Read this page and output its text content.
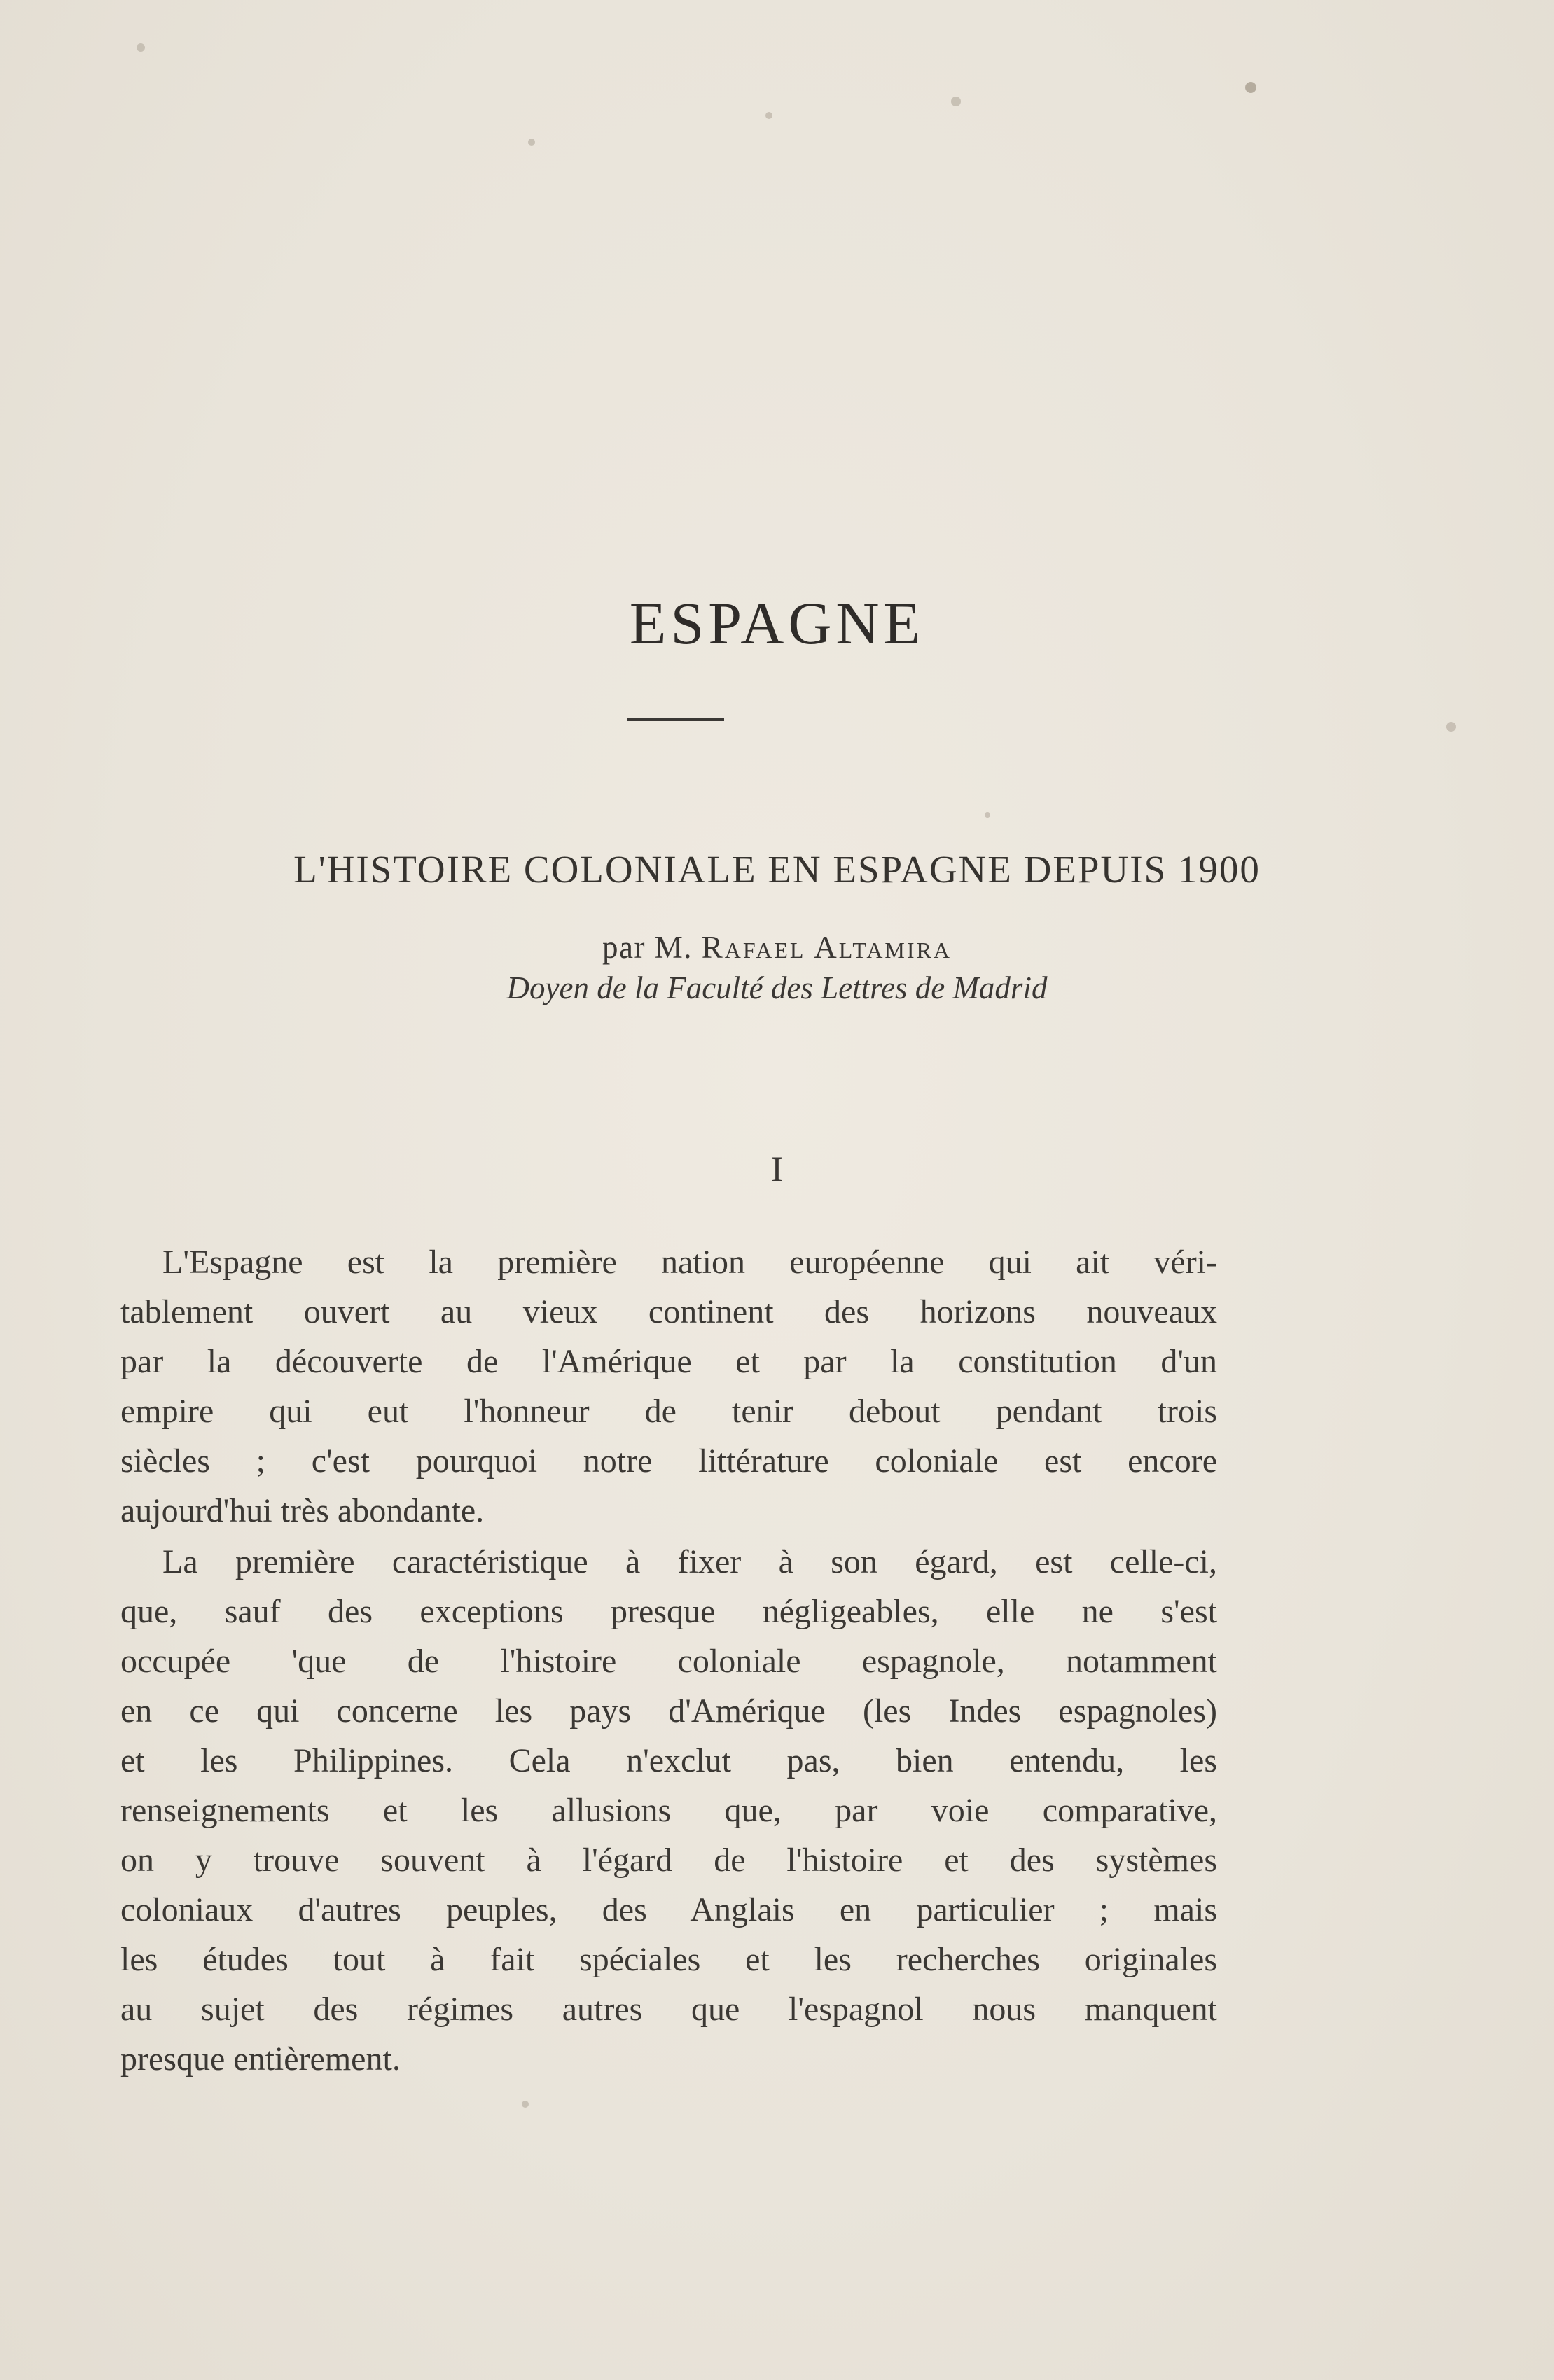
ESPAGNE
L'HISTOIRE COLONIALE EN ESPAGNE DEPUIS 1900
par M. Rafael Altamira
Doyen de la Faculté des Lettres de Madrid
I
L'Espagne est la première nation européenne qui ait véri-
tablement ouvert au vieux continent des horizons nouveaux
par la découverte de l'Amérique et par la constitution d'un
empire qui eut l'honneur de tenir debout pendant trois
siècles ; c'est pourquoi notre littérature coloniale est encore
aujourd'hui très abondante.
La première caractéristique à fixer à son égard, est celle-ci,
que, sauf des exceptions presque négligeables, elle ne s'est
occupée 'que de l'histoire coloniale espagnole, notamment
en ce qui concerne les pays d'Amérique (les Indes espagnoles)
et les Philippines. Cela n'exclut pas, bien entendu, les
renseignements et les allusions que, par voie comparative,
on y trouve souvent à l'égard de l'histoire et des systèmes
coloniaux d'autres peuples, des Anglais en particulier ; mais
les études tout à fait spéciales et les recherches originales
au sujet des régimes autres que l'espagnol nous manquent
presque entièrement.
